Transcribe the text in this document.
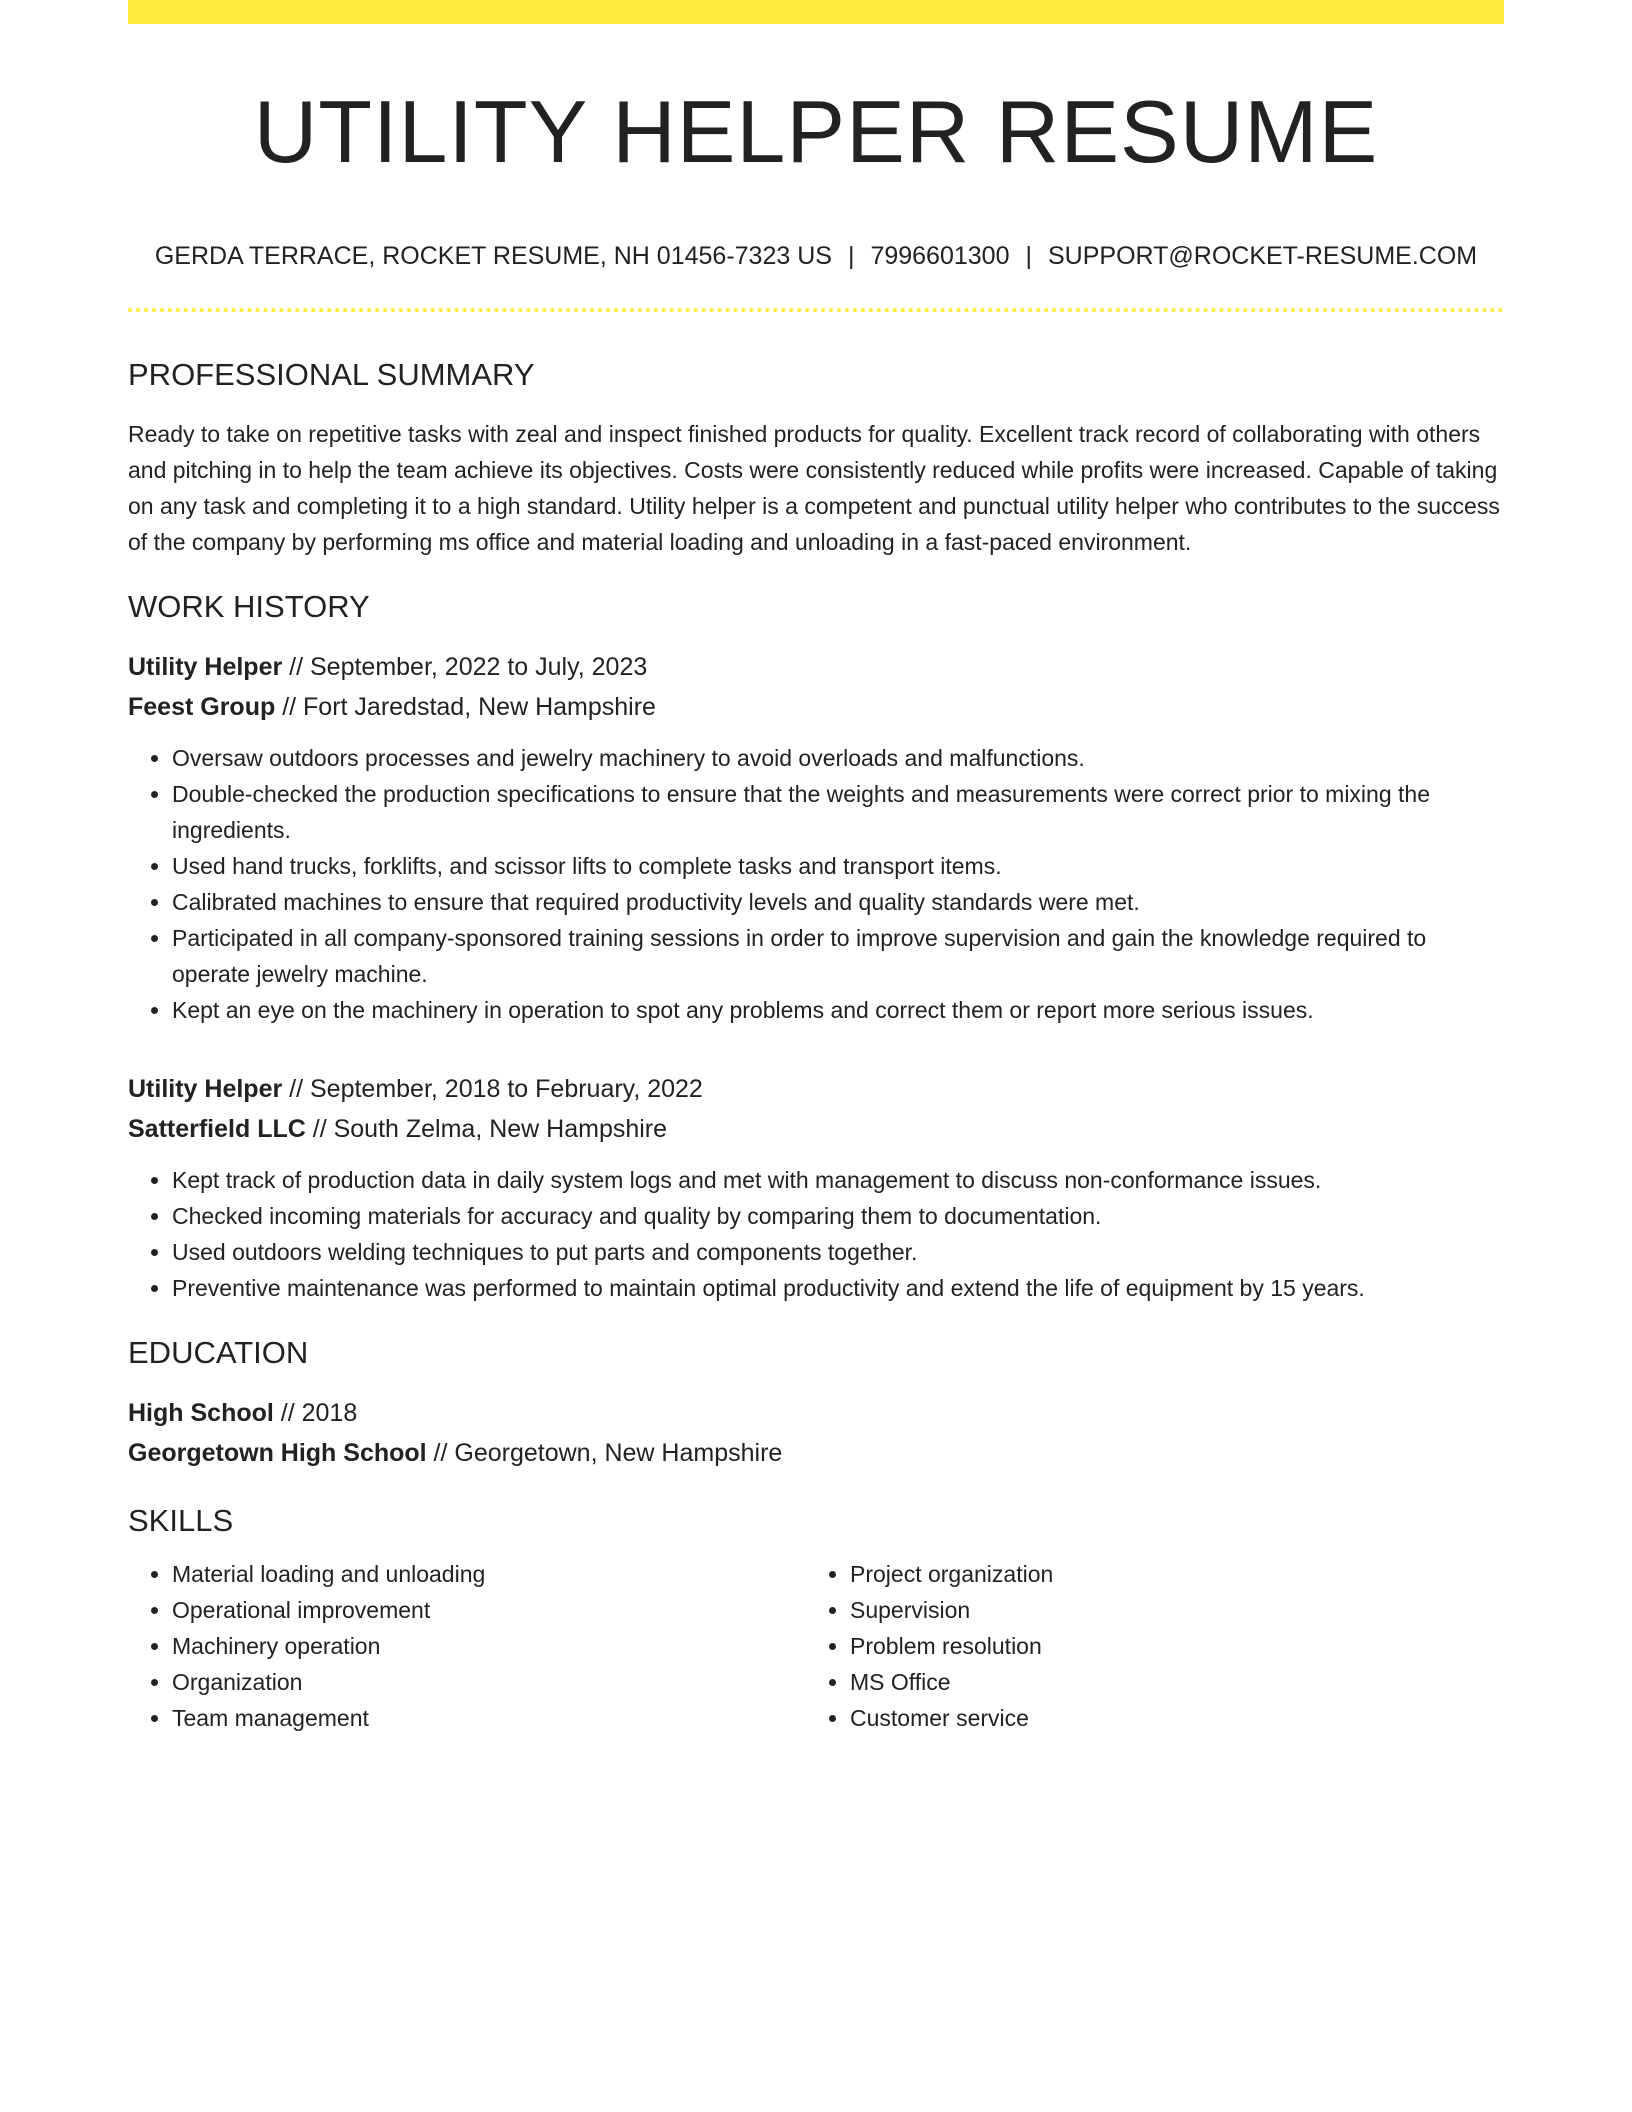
UTILITY HELPER RESUME
GERDA TERRACE, ROCKET RESUME, NH 01456-7323 US | 7996601300 | SUPPORT@ROCKET-RESUME.COM
PROFESSIONAL SUMMARY
Ready to take on repetitive tasks with zeal and inspect finished products for quality. Excellent track record of collaborating with others and pitching in to help the team achieve its objectives. Costs were consistently reduced while profits were increased. Capable of taking on any task and completing it to a high standard. Utility helper is a competent and punctual utility helper who contributes to the success of the company by performing ms office and material loading and unloading in a fast-paced environment.
WORK HISTORY
Utility Helper // September, 2022 to July, 2023
Feest Group // Fort Jaredstad, New Hampshire
• Oversaw outdoors processes and jewelry machinery to avoid overloads and malfunctions.
• Double-checked the production specifications to ensure that the weights and measurements were correct prior to mixing the ingredients.
• Used hand trucks, forklifts, and scissor lifts to complete tasks and transport items.
• Calibrated machines to ensure that required productivity levels and quality standards were met.
• Participated in all company-sponsored training sessions in order to improve supervision and gain the knowledge required to operate jewelry machine.
• Kept an eye on the machinery in operation to spot any problems and correct them or report more serious issues.
Utility Helper // September, 2018 to February, 2022
Satterfield LLC // South Zelma, New Hampshire
• Kept track of production data in daily system logs and met with management to discuss non-conformance issues.
• Checked incoming materials for accuracy and quality by comparing them to documentation.
• Used outdoors welding techniques to put parts and components together.
• Preventive maintenance was performed to maintain optimal productivity and extend the life of equipment by 15 years.
EDUCATION
High School // 2018
Georgetown High School // Georgetown, New Hampshire
SKILLS
• Material loading and unloading
• Operational improvement
• Machinery operation
• Organization
• Team management
• Project organization
• Supervision
• Problem resolution
• MS Office
• Customer service
